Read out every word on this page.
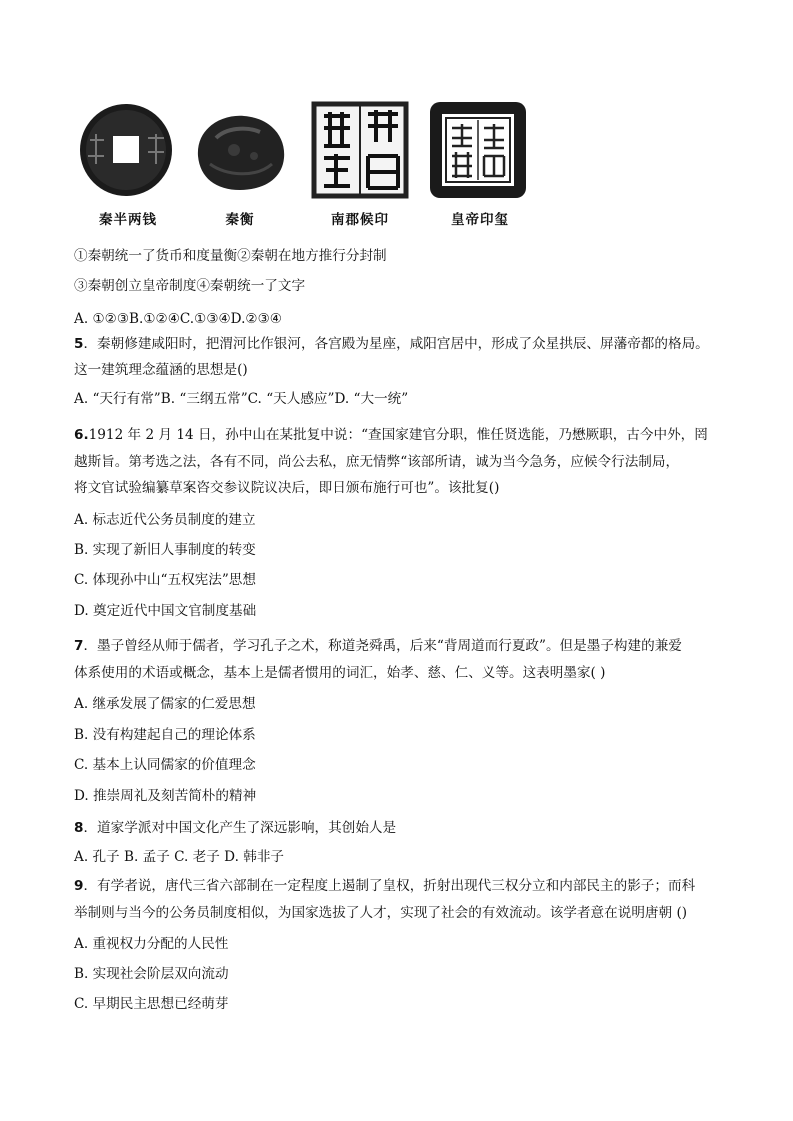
秦半两钱	秦衡	南郡候印	皇帝印玺
①秦朝统一了货币和度量衡②秦朝在地方推行分封制
③秦朝创立皇帝制度④秦朝统一了文字
A. ①②③B.①②④C.①③④D.②③④
5．秦朝修建咸阳时，把渭河比作银河，各宫殿为星座，咸阳宫居中，形成了众星拱辰、屏藩帝都的格局。
这一建筑理念蕴涵的思想是()
A. “天行有常”B. “三纲五常”C. “天人感应”D. “大一统”
6.1912 年 2 月 14 日，孙中山在某批复中说：“查国家建官分职，惟任贤选能，乃懋厥职，古今中外，罔
越斯旨。第考选之法，各有不同，尚公去私，庶无情弊“该部所请，诚为当今急务，应候令行法制局，
将文官试验编纂草案咨交参议院议决后，即日颁布施行可也”。该批复()
A. 标志近代公务员制度的建立
B. 实现了新旧人事制度的转变
C. 体现孙中山“五权宪法”思想
D. 奠定近代中国文官制度基础
7．墨子曾经从师于儒者，学习孔子之术，称道尧舜禹，后来“背周道而行夏政”。但是墨子构建的兼爱
体系使用的术语或概念，基本上是儒者惯用的词汇，始孝、慈、仁、义等。这表明墨家( )
A. 继承发展了儒家的仁爱思想
B. 没有构建起自己的理论体系
C. 基本上认同儒家的价值理念
D. 推崇周礼及刻苦简朴的精神
8．道家学派对中国文化产生了深远影响，其创始人是
A. 孔子 B. 孟子 C. 老子 D. 韩非子
9．有学者说，唐代三省六部制在一定程度上遏制了皇权，折射出现代三权分立和内部民主的影子；而科
举制则与当今的公务员制度相似，为国家选拔了人才，实现了社会的有效流动。该学者意在说明唐朝 ()
A. 重视权力分配的人民性
B. 实现社会阶层双向流动
C. 早期民主思想已经萌芽
